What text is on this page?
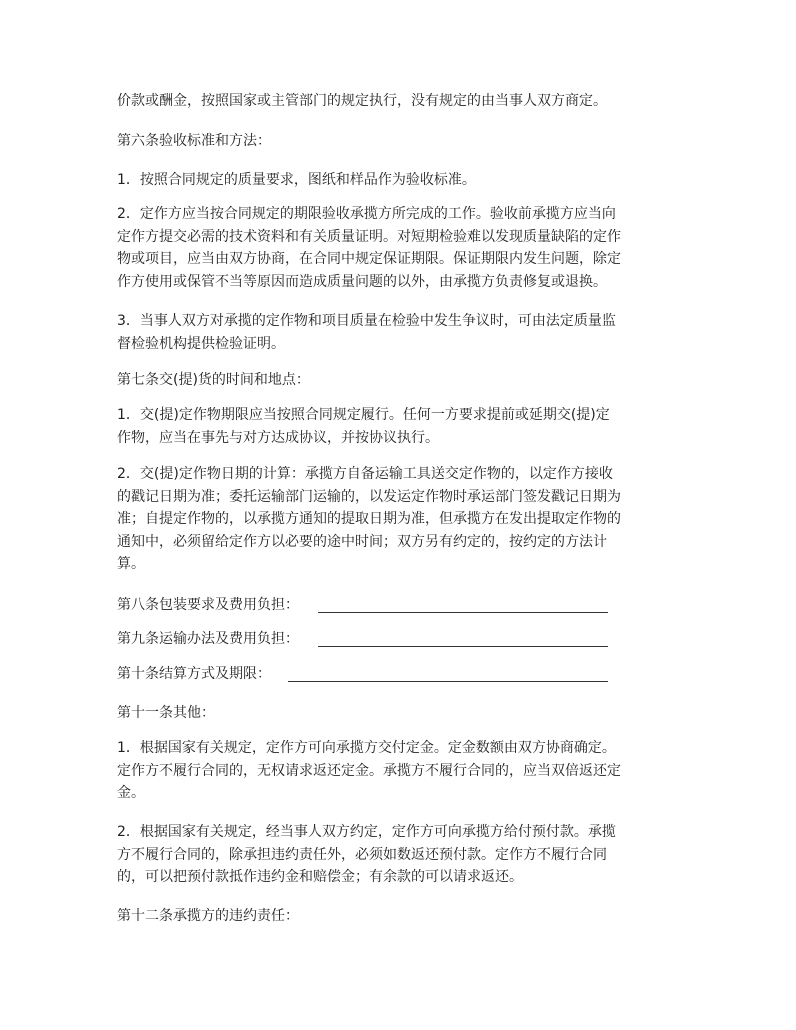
价款或酬金，按照国家或主管部门的规定执行，没有规定的由当事人双方商定。

第六条验收标准和方法：

1．按照合同规定的质量要求，图纸和样品作为验收标准。

2．定作方应当按合同规定的期限验收承揽方所完成的工作。验收前承揽方应当向
定作方提交必需的技术资料和有关质量证明。对短期检验难以发现质量缺陷的定作
物或项目，应当由双方协商，在合同中规定保证期限。保证期限内发生问题，除定
作方使用或保管不当等原因而造成质量问题的以外，由承揽方负责修复或退换。

3．当事人双方对承揽的定作物和项目质量在检验中发生争议时，可由法定质量监
督检验机构提供检验证明。

第七条交(提)货的时间和地点：

1．交(提)定作物期限应当按照合同规定履行。任何一方要求提前或延期交(提)定
作物，应当在事先与对方达成协议，并按协议执行。

2．交(提)定作物日期的计算：承揽方自备运输工具送交定作物的，以定作方接收
的戳记日期为准；委托运输部门运输的，以发运定作物时承运部门签发戳记日期为
准；自提定作物的，以承揽方通知的提取日期为准，但承揽方在发出提取定作物的
通知中，必须留给定作方以必要的途中时间；双方另有约定的，按约定的方法计
算。

第八条包装要求及费用负担：

第九条运输办法及费用负担：

第十条结算方式及期限：

第十一条其他：

1．根据国家有关规定，定作方可向承揽方交付定金。定金数额由双方协商确定。
定作方不履行合同的，无权请求返还定金。承揽方不履行合同的，应当双倍返还定
金。

2．根据国家有关规定，经当事人双方约定，定作方可向承揽方给付预付款。承揽
方不履行合同的，除承担违约责任外，必须如数返还预付款。定作方不履行合同
的，可以把预付款抵作违约金和赔偿金；有余款的可以请求返还。

第十二条承揽方的违约责任：
